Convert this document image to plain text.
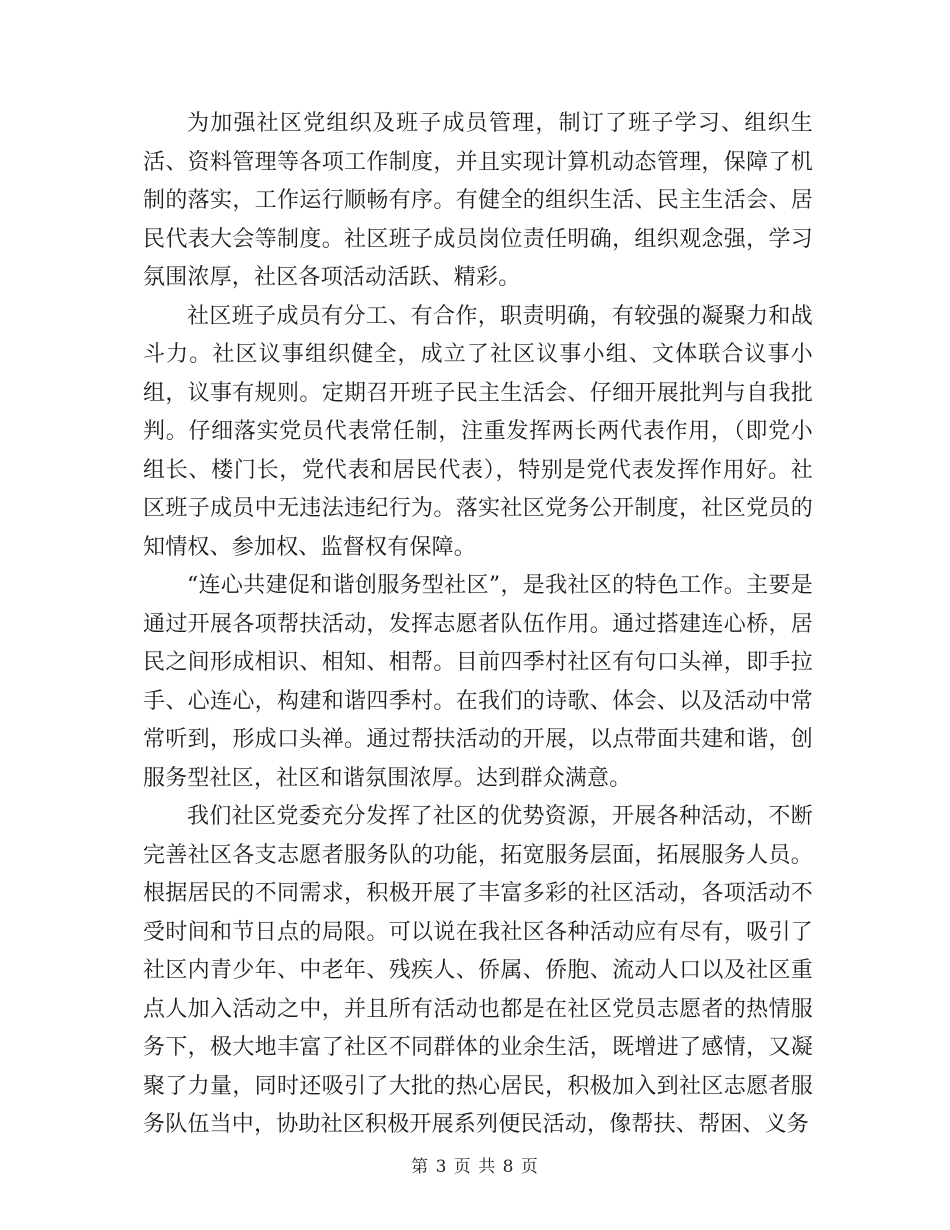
为加强社区党组织及班子成员管理，制订了班子学习、组织生活、资料管理等各项工作制度，并且实现计算机动态管理，保障了机制的落实，工作运行顺畅有序。有健全的组织生活、民主生活会、居民代表大会等制度。社区班子成员岗位责任明确，组织观念强，学习氛围浓厚，社区各项活动活跃、精彩。

社区班子成员有分工、有合作，职责明确，有较强的凝聚力和战斗力。社区议事组织健全，成立了社区议事小组、文体联合议事小组，议事有规则。定期召开班子民主生活会、仔细开展批判与自我批判。仔细落实党员代表常任制，注重发挥两长两代表作用，（即党小组长、楼门长，党代表和居民代表），特别是党代表发挥作用好。社区班子成员中无违法违纪行为。落实社区党务公开制度，社区党员的知情权、参加权、监督权有保障。

“连心共建促和谐创服务型社区”，是我社区的特色工作。主要是通过开展各项帮扶活动，发挥志愿者队伍作用。通过搭建连心桥，居民之间形成相识、相知、相帮。目前四季村社区有句口头禅，即手拉手、心连心，构建和谐四季村。在我们的诗歌、体会、以及活动中常常听到，形成口头禅。通过帮扶活动的开展，以点带面共建和谐，创服务型社区，社区和谐氛围浓厚。达到群众满意。

我们社区党委充分发挥了社区的优势资源，开展各种活动，不断完善社区各支志愿者服务队的功能，拓宽服务层面，拓展服务人员。根据居民的不同需求，积极开展了丰富多彩的社区活动，各项活动不受时间和节日点的局限。可以说在我社区各种活动应有尽有，吸引了社区内青少年、中老年、残疾人、侨属、侨胞、流动人口以及社区重点人加入活动之中，并且所有活动也都是在社区党员志愿者的热情服务下，极大地丰富了社区不同群体的业余生活，既增进了感情，又凝聚了力量，同时还吸引了大批的热心居民，积极加入到社区志愿者服务队伍当中，协助社区积极开展系列便民活动，像帮扶、帮困、义务

第 3 页 共 8 页
